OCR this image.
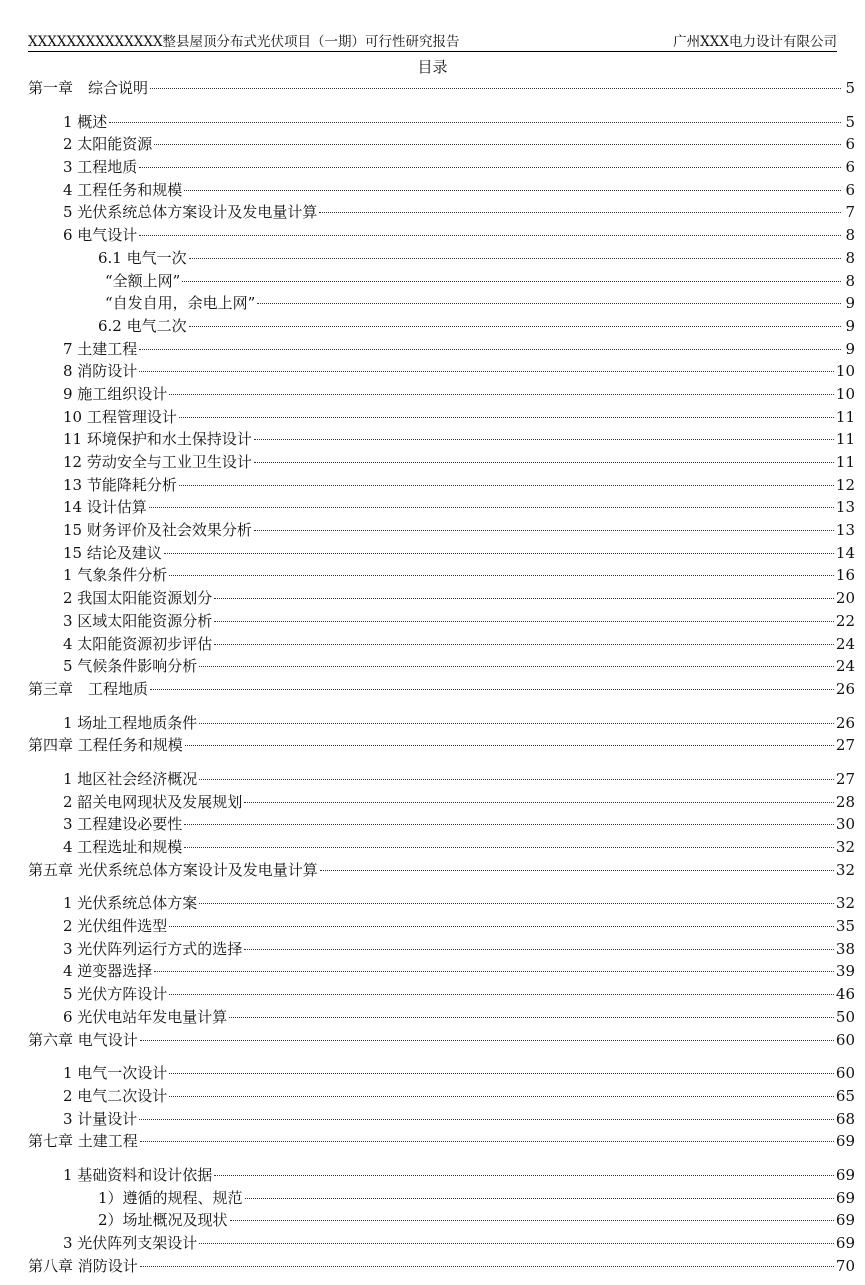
XXXXXXXXXXXXXX整县屋顶分布式光伏项目（一期）可行性研究报告	广州XXX电力设计有限公司
目录
第一章　综合说明	5
1 概述	5
2 太阳能资源	6
3 工程地质	6
4 工程任务和规模	6
5 光伏系统总体方案设计及发电量计算	7
6 电气设计	8
6.1 电气一次	8
“全额上网”	8
“自发自用，余电上网”	9
6.2 电气二次	9
7 土建工程	9
8 消防设计	10
9 施工组织设计	10
10 工程管理设计	11
11 环境保护和水土保持设计	11
12 劳动安全与工业卫生设计	11
13 节能降耗分析	12
14 设计估算	13
15 财务评价及社会效果分析	13
15 结论及建议	14
1 气象条件分析	16
2 我国太阳能资源划分	20
3 区域太阳能资源分析	22
4 太阳能资源初步评估	24
5 气候条件影响分析	24
第三章　工程地质	26
1 场址工程地质条件	26
第四章 工程任务和规模	27
1 地区社会经济概况	27
2 韶关电网现状及发展规划	28
3 工程建设必要性	30
4 工程选址和规模	32
第五章 光伏系统总体方案设计及发电量计算	32
1 光伏系统总体方案	32
2 光伏组件选型	35
3 光伏阵列运行方式的选择	38
4 逆变器选择	39
5 光伏方阵设计	46
6 光伏电站年发电量计算	50
第六章 电气设计	60
1 电气一次设计	60
2 电气二次设计	65
3 计量设计	68
第七章 土建工程	69
1 基础资料和设计依据	69
1）遵循的规程、规范	69
2）场址概况及现状	69
3 光伏阵列支架设计	69
第八章 消防设计	70
